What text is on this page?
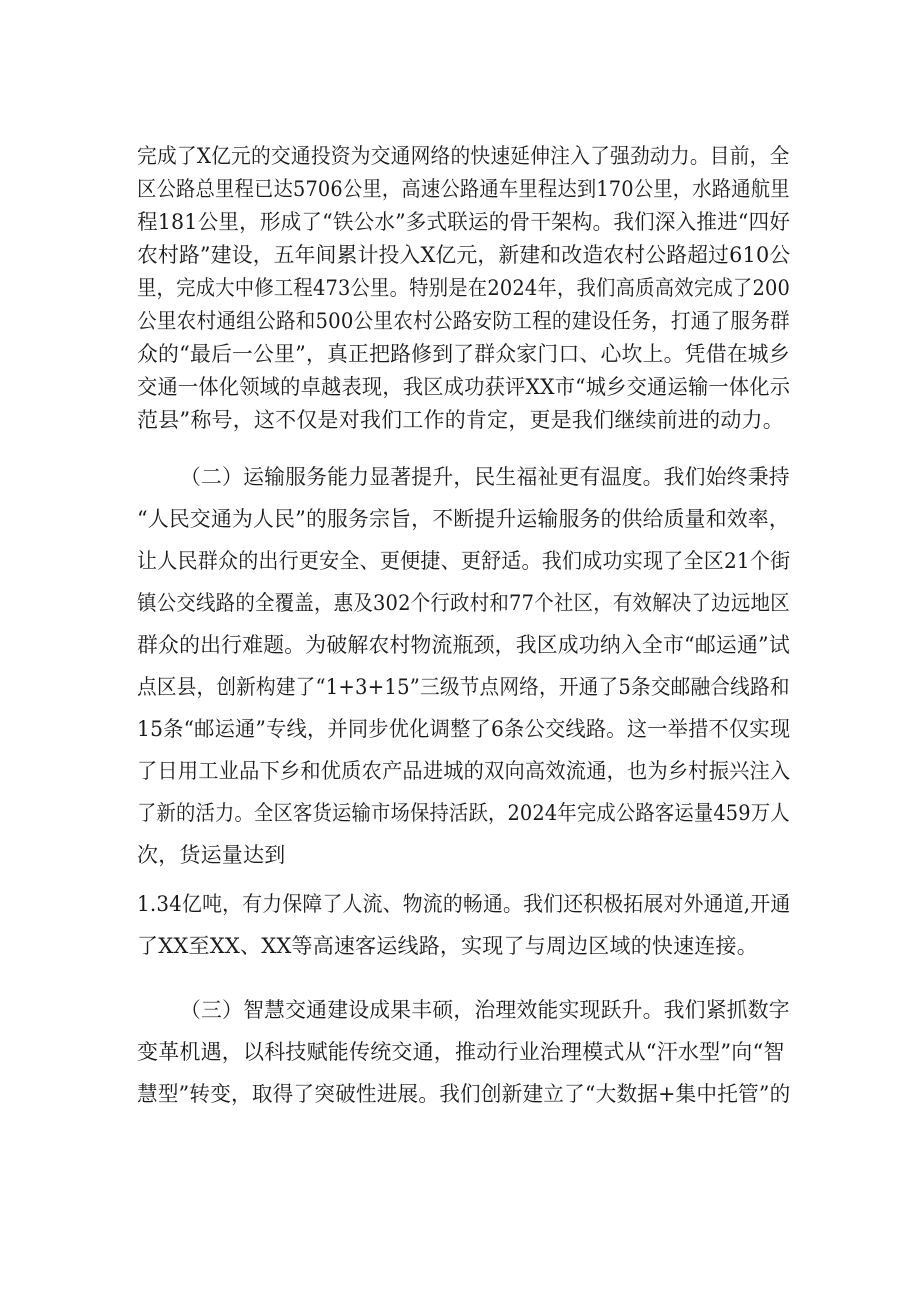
完成了X亿元的交通投资为交通网络的快速延伸注入了强劲动力。目前，全
区公路总里程已达5706公里，高速公路通车里程达到170公里，水路通航里
程181公里，形成了“铁公水”多式联运的骨干架构。我们深入推进“四好
农村路”建设，五年间累计投入X亿元，新建和改造农村公路超过610公
里，完成大中修工程473公里。特别是在2024年，我们高质高效完成了200
公里农村通组公路和500公里农村公路安防工程的建设任务，打通了服务群
众的“最后一公里”，真正把路修到了群众家门口、心坎上。凭借在城乡
交通一体化领域的卓越表现，我区成功获评XX市“城乡交通运输一体化示
范县”称号，这不仅是对我们工作的肯定，更是我们继续前进的动力。
（二）运输服务能力显著提升，民生福祉更有温度。我们始终秉持
“人民交通为人民”的服务宗旨，不断提升运输服务的供给质量和效率，
让人民群众的出行更安全、更便捷、更舒适。我们成功实现了全区21个街
镇公交线路的全覆盖，惠及302个行政村和77个社区，有效解决了边远地区
群众的出行难题。为破解农村物流瓶颈，我区成功纳入全市“邮运通”试
点区县，创新构建了“1+3+15”三级节点网络，开通了5条交邮融合线路和
15条“邮运通”专线，并同步优化调整了6条公交线路。这一举措不仅实现
了日用工业品下乡和优质农产品进城的双向高效流通，也为乡村振兴注入
了新的活力。全区客货运输市场保持活跃，2024年完成公路客运量459万人
次，货运量达到
1.34亿吨，有力保障了人流、物流的畅通。我们还积极拓展对外通道,开通
了XX至XX、XX等高速客运线路，实现了与周边区域的快速连接。
（三）智慧交通建设成果丰硕，治理效能实现跃升。我们紧抓数字
变革机遇，以科技赋能传统交通，推动行业治理模式从“汗水型”向“智
慧型”转变，取得了突破性进展。我们创新建立了“大数据+集中托管”的
